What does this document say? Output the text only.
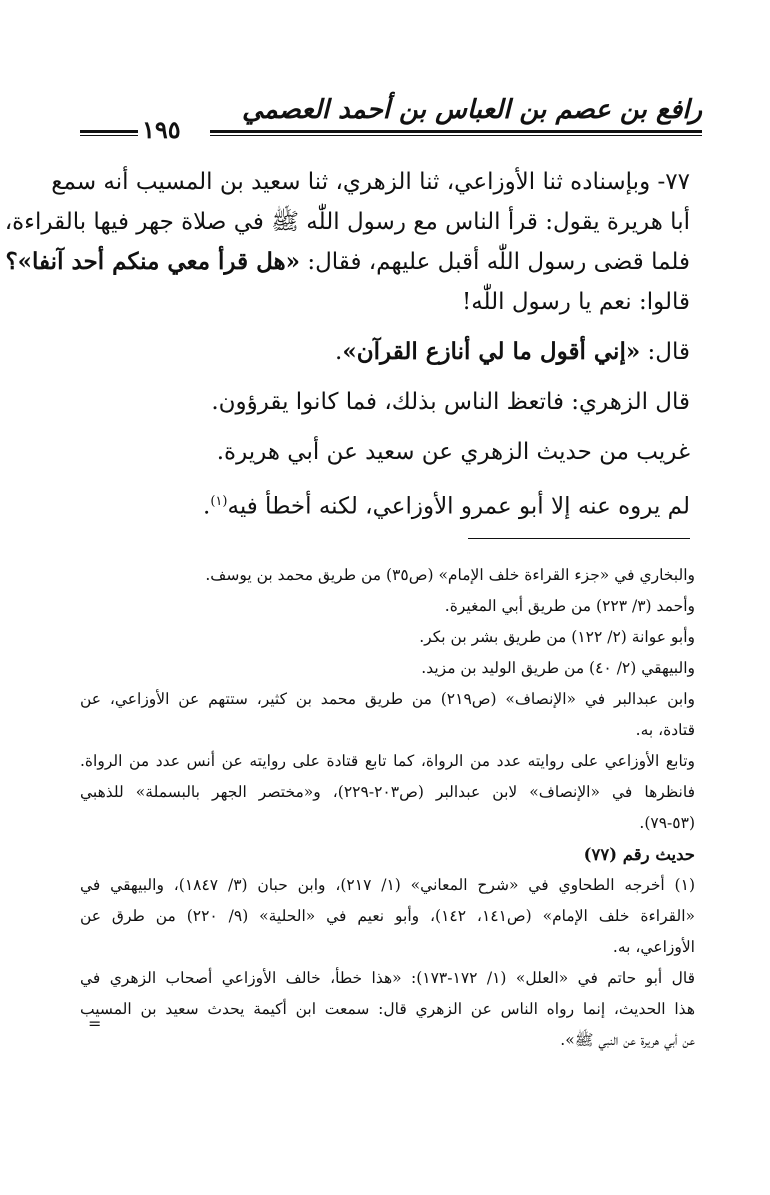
رافع بن عصم بن العباس بن أحمد العصمي
١٩٥
٧٧- وبإسناده ثنا الأوزاعي، ثنا الزهري، ثنا سعيد بن المسيب أنه سمع
أبا هريرة يقول: قرأ الناس مع رسول اللّٰه ﷺ في صلاة جهر فيها بالقراءة،
فلما قضى رسول اللّٰه أقبل عليهم، فقال: «هل قرأ معي منكم أحد آنفا»؟
قالوا: نعم يا رسول اللّٰه!
قال: «إني أقول ما لي أنازع القرآن».
قال الزهري: فاتعظ الناس بذلك، فما كانوا يقرؤون.
غريب من حديث الزهري عن سعيد عن أبي هريرة.
لم يروه عنه إلا أبو عمرو الأوزاعي، لكنه أخطأ فيه$^{(١)}$.
والبخاري في «جزء القراءة خلف الإمام» (ص٣٥) من طريق محمد بن يوسف.
وأحمد (٣/ ٢٢٣) من طريق أبي المغيرة.
وأبو عوانة (٢/ ١٢٢) من طريق بشر بن بكر.
والبيهقي (٢/ ٤٠) من طريق الوليد بن مزيد.
وابن عبدالبر في «الإنصاف» (ص٢١٩) من طريق محمد بن كثير، ستتهم عن الأوزاعي، عن
قتادة، به.
وتابع الأوزاعي على روايته عدد من الرواة، كما تابع قتادة على روايته عن أنس عدد من الرواة.
فانظرها في «الإنصاف» لابن عبدالبر (ص٢٠٣-٢٢٩)، و«مختصر الجهر بالبسملة» للذهبي
(٥٣-٧٩).
حديث رقم (٧٧)
(١) أخرجه الطحاوي في «شرح المعاني» (١/ ٢١٧)، وابن حبان (٣/ ١٨٤٧)، والبيهقي في
«القراءة خلف الإمام» (ص١٤١، ١٤٢)، وأبو نعيم في «الحلية» (٩/ ٢٢٠) من طرق عن
الأوزاعي، به.
قال أبو حاتم في «العلل» (١/ ١٧٢-١٧٣): «هذا خطأ، خالف الأوزاعي أصحاب الزهري في
هذا الحديث، إنما رواه الناس عن الزهري قال: سمعت ابن أكيمة يحدث سعيد بن المسيب
عن أبي هريرة عن النبي ﷺ».
=
